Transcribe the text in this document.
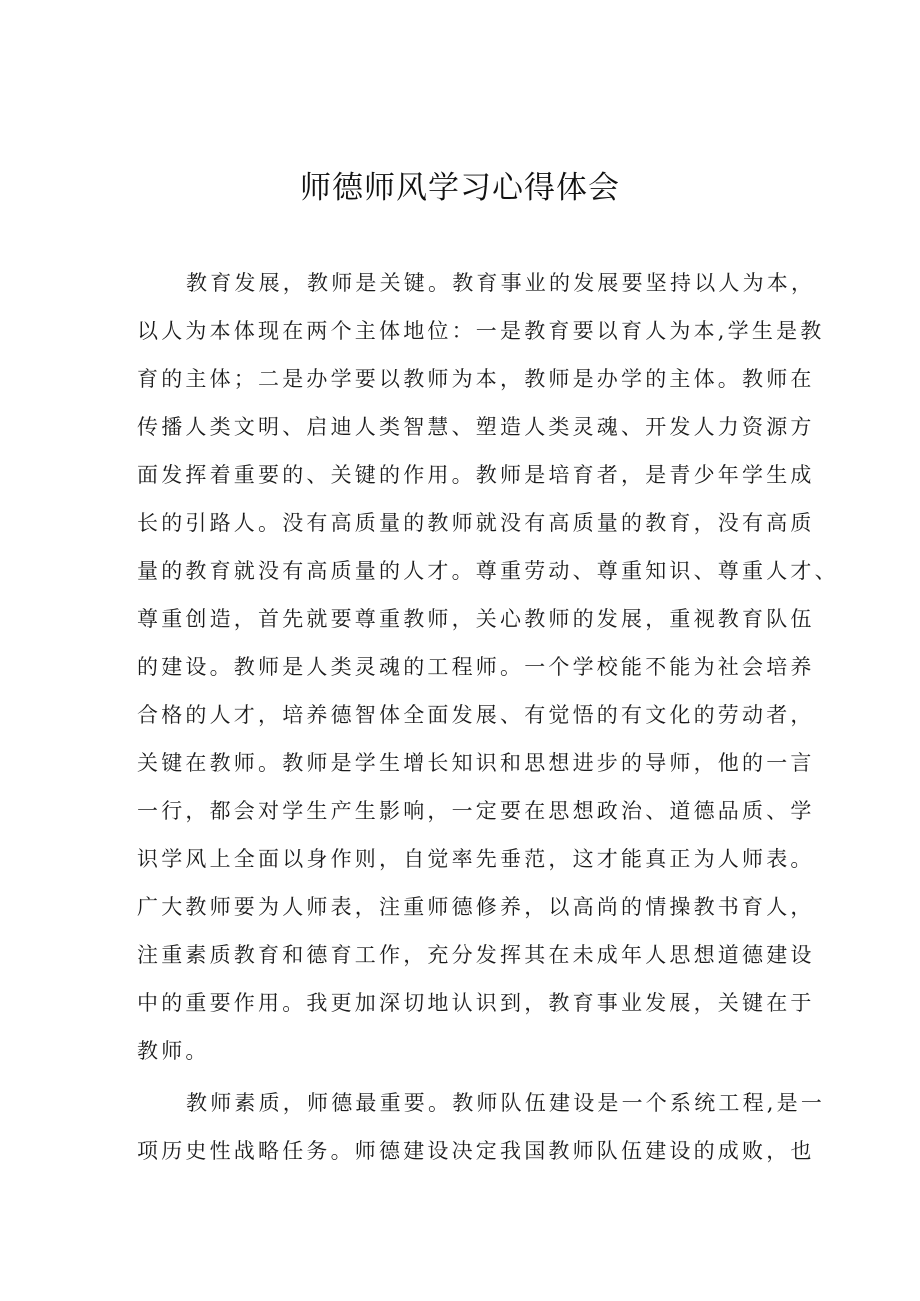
师德师风学习心得体会
教育发展，教师是关键。教育事业的发展要坚持以人为本，
以人为本体现在两个主体地位：一是教育要以育人为本,学生是教
育的主体；二是办学要以教师为本，教师是办学的主体。教师在
传播人类文明、启迪人类智慧、塑造人类灵魂、开发人力资源方
面发挥着重要的、关键的作用。教师是培育者，是青少年学生成
长的引路人。没有高质量的教师就没有高质量的教育，没有高质
量的教育就没有高质量的人才。尊重劳动、尊重知识、尊重人才、
尊重创造，首先就要尊重教师，关心教师的发展，重视教育队伍
的建设。教师是人类灵魂的工程师。一个学校能不能为社会培养
合格的人才，培养德智体全面发展、有觉悟的有文化的劳动者，
关键在教师。教师是学生增长知识和思想进步的导师，他的一言
一行，都会对学生产生影响，一定要在思想政治、道德品质、学
识学风上全面以身作则，自觉率先垂范，这才能真正为人师表。
广大教师要为人师表，注重师德修养，以高尚的情操教书育人，
注重素质教育和德育工作，充分发挥其在未成年人思想道德建设
中的重要作用。我更加深切地认识到，教育事业发展，关键在于
教师。
教师素质，师德最重要。教师队伍建设是一个系统工程,是一
项历史性战略任务。师德建设决定我国教师队伍建设的成败，也
